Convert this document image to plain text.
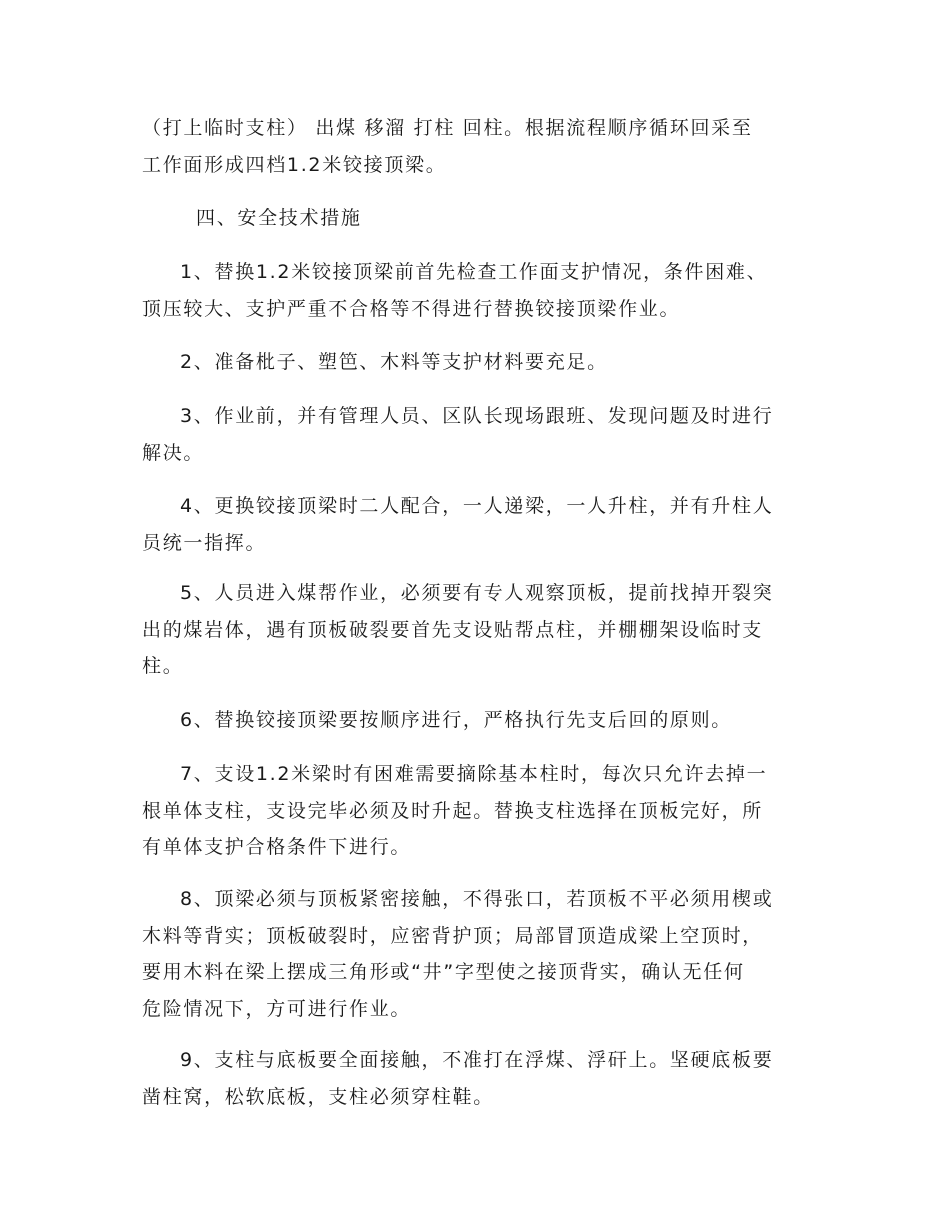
（打上临时支柱） 出煤 移溜 打柱 回柱。根据流程顺序循环回采至
工作面形成四档1.2米铰接顶梁。

四、安全技术措施

1、替换1.2米铰接顶梁前首先检查工作面支护情况，条件困难、
顶压较大、支护严重不合格等不得进行替换铰接顶梁作业。

2、准备枇子、塑笆、木料等支护材料要充足。

3、作业前，并有管理人员、区队长现场跟班、发现问题及时进行
解决。

4、更换铰接顶梁时二人配合，一人递梁，一人升柱，并有升柱人
员统一指挥。

5、人员进入煤帮作业，必须要有专人观察顶板，提前找掉开裂突
出的煤岩体，遇有顶板破裂要首先支设贴帮点柱，并棚棚架设临时支
柱。

6、替换铰接顶梁要按顺序进行，严格执行先支后回的原则。

7、支设1.2米梁时有困难需要摘除基本柱时，每次只允许去掉一
根单体支柱，支设完毕必须及时升起。替换支柱选择在顶板完好，所
有单体支护合格条件下进行。

8、顶梁必须与顶板紧密接触，不得张口，若顶板不平必须用楔或
木料等背实；顶板破裂时，应密背护顶；局部冒顶造成梁上空顶时，
要用木料在梁上摆成三角形或“井”字型使之接顶背实，确认无任何
危险情况下，方可进行作业。

9、支柱与底板要全面接触，不准打在浮煤、浮矸上。坚硬底板要
凿柱窝，松软底板，支柱必须穿柱鞋。
